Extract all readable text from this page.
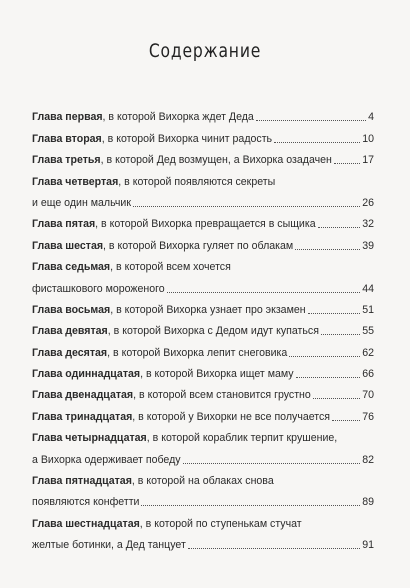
Содержание
Глава первая, в которой Вихорка ждет Деда	4
Глава вторая, в которой Вихорка чинит радость	10
Глава третья, в которой Дед возмущен, а Вихорка озадачен	17
Глава четвертая, в которой появляются секреты
и еще один мальчик	26
Глава пятая, в которой Вихорка превращается в сыщика	32
Глава шестая, в которой Вихорка гуляет по облакам	39
Глава седьмая, в которой всем хочется
фисташкового мороженого	44
Глава восьмая, в которой Вихорка узнает про экзамен	51
Глава девятая, в которой Вихорка с Дедом идут купаться	55
Глава десятая, в которой Вихорка лепит снеговика	62
Глава одиннадцатая, в которой Вихорка ищет маму	66
Глава двенадцатая, в которой всем становится грустно	70
Глава тринадцатая, в которой у Вихорки не все получается	76
Глава четырнадцатая, в которой кораблик терпит крушение,
а Вихорка одерживает победу	82
Глава пятнадцатая, в которой на облаках снова
появляются конфетти	89
Глава шестнадцатая, в которой по ступенькам стучат
желтые ботинки, а Дед танцует	91
